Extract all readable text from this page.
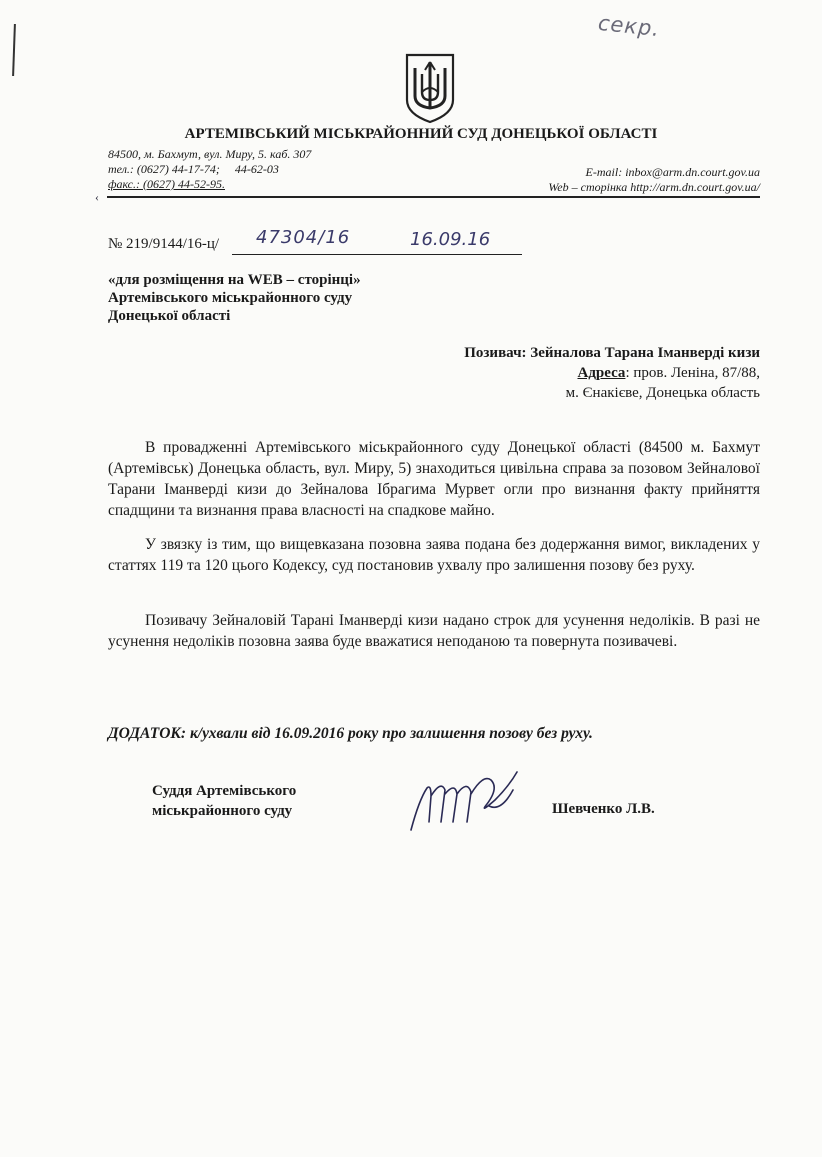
секр.
АРТЕМІВСЬКИЙ МІСЬКРАЙОННИЙ СУД ДОНЕЦЬКОЇ ОБЛАСТІ
84500, м. Бахмут, вул. Миру, 5. каб. 307
тел.: (0627) 44-17-74;     44-62-03
факс.: (0627) 44-52-95.
E-mail: inbox@arm.dn.court.gov.ua
Web – сторінка http://arm.dn.court.gov.ua/
‹
№ 219/9144/16-ц/ 47304/16	16.09.16
«для розміщення на WEB – сторінці»
Артемівського міськрайонного суду
Донецької області
Позивач: Зейналова Тарана Іманверді кизи
Адреса: пров. Леніна, 87/88,
м. Єнакієве, Донецька область
В провадженні Артемівського міськрайонного суду Донецької області (84500 м. Бахмут (Артемівськ) Донецька область, вул. Миру, 5) знаходиться цивільна справа за позовом Зейналової Тарани Іманверді кизи до Зейналова Ібрагима Мурвет огли про визнання факту прийняття спадщини та визнання права власності на спадкове майно.
У звязку із тим, що вищевказана позовна заява подана без додержання вимог, викладених у статтях 119 та 120 цього Кодексу, суд постановив ухвалу про залишення позову без руху.
Позивачу Зейналовій Тарані Іманверді кизи надано строк для усунення недоліків. В разі не усунення недоліків позовна заява буде вважатися неподаною та повернута позивачеві.
ДОДАТОК: к/ухвали від 16.09.2016 року про залишення позову без руху.
Суддя Артемівського
міськрайонного суду	Шевченко Л.В.
